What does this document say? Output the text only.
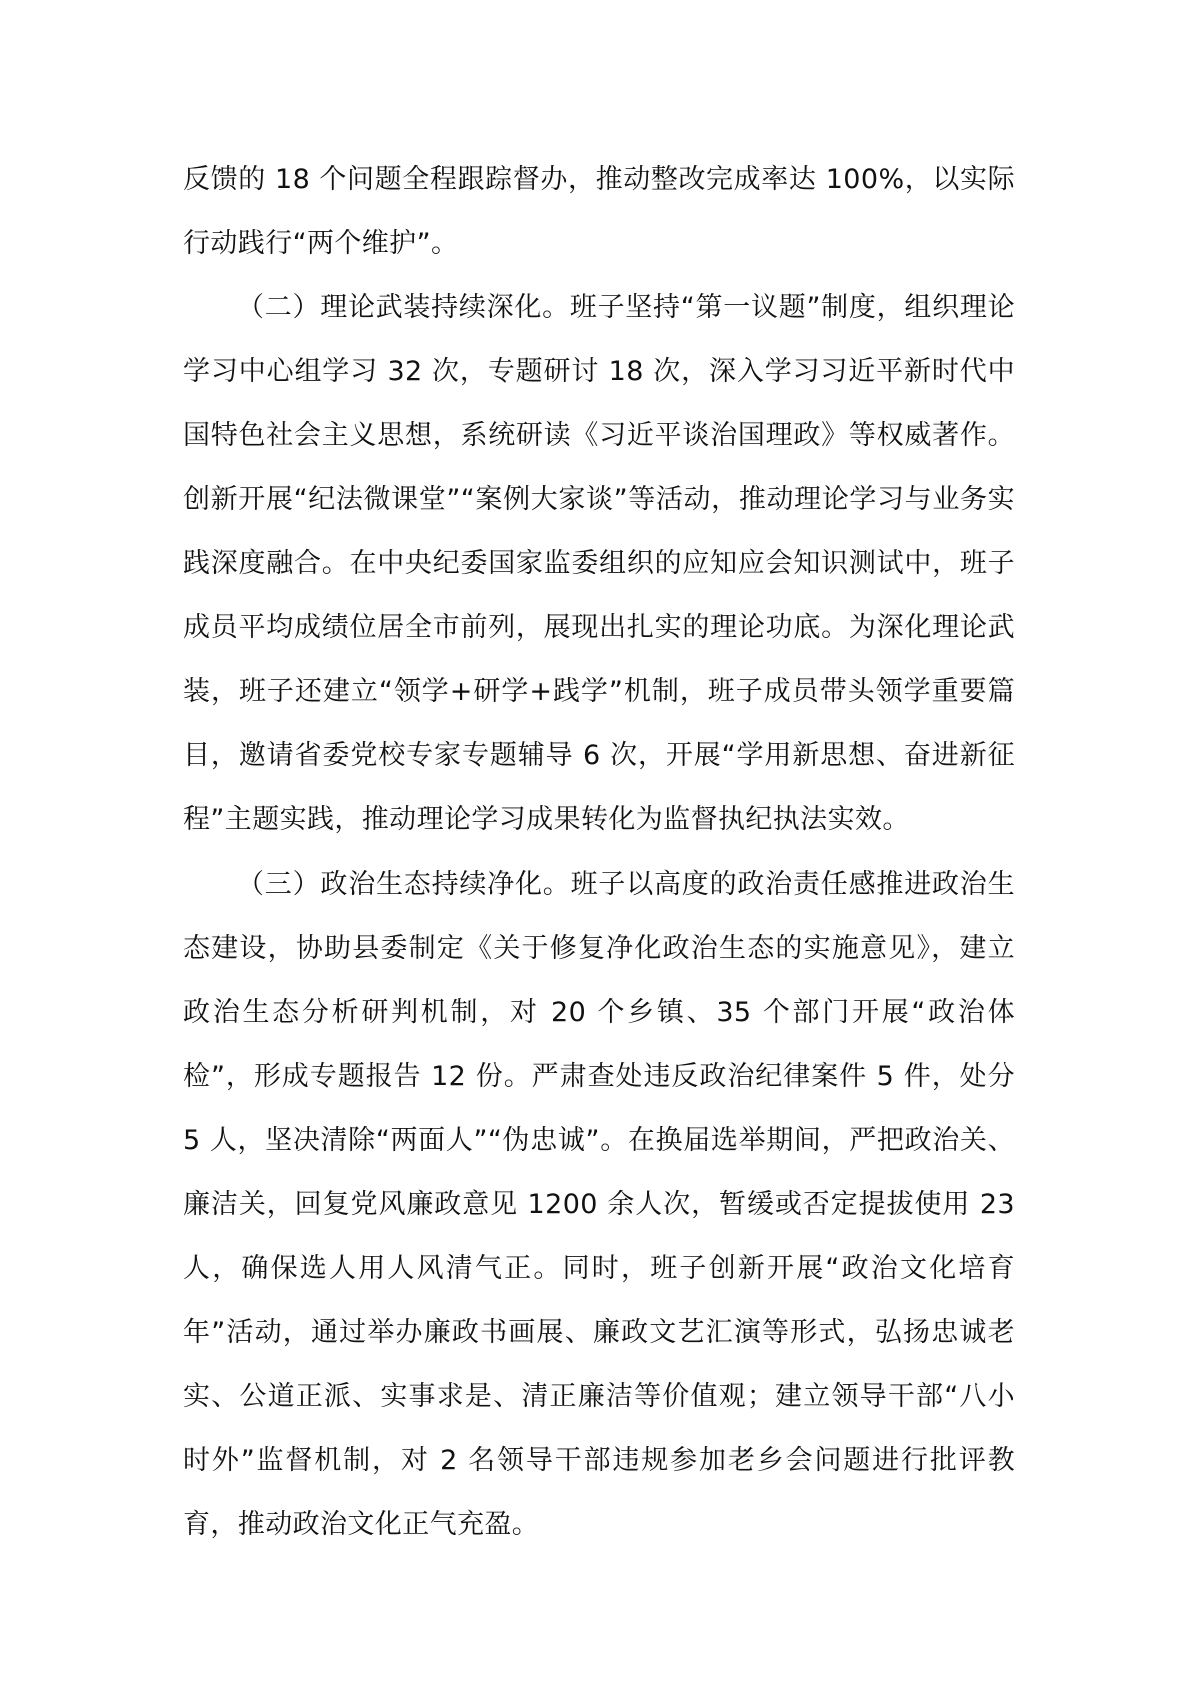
反馈的 18 个问题全程跟踪督办，推动整改完成率达 100%，以实际行动践行“两个维护”。

（二）理论武装持续深化。班子坚持“第一议题”制度，组织理论学习中心组学习 32 次，专题研讨 18 次，深入学习习近平新时代中国特色社会主义思想，系统研读《习近平谈治国理政》等权威著作。创新开展“纪法微课堂”“案例大家谈”等活动，推动理论学习与业务实践深度融合。在中央纪委国家监委组织的应知应会知识测试中，班子成员平均成绩位居全市前列，展现出扎实的理论功底。为深化理论武装，班子还建立“领学+研学+践学”机制，班子成员带头领学重要篇目，邀请省委党校专家专题辅导 6 次，开展“学用新思想、奋进新征程”主题实践，推动理论学习成果转化为监督执纪执法实效。

（三）政治生态持续净化。班子以高度的政治责任感推进政治生态建设，协助县委制定《关于修复净化政治生态的实施意见》，建立政治生态分析研判机制，对 20 个乡镇、35 个部门开展“政治体检”，形成专题报告 12 份。严肃查处违反政治纪律案件 5 件，处分 5 人，坚决清除“两面人”“伪忠诚”。在换届选举期间，严把政治关、廉洁关，回复党风廉政意见 1200 余人次，暂缓或否定提拔使用 23 人，确保选人用人风清气正。同时，班子创新开展“政治文化培育年”活动，通过举办廉政书画展、廉政文艺汇演等形式，弘扬忠诚老实、公道正派、实事求是、清正廉洁等价值观；建立领导干部“八小时外”监督机制，对 2 名领导干部违规参加老乡会问题进行批评教育，推动政治文化正气充盈。
